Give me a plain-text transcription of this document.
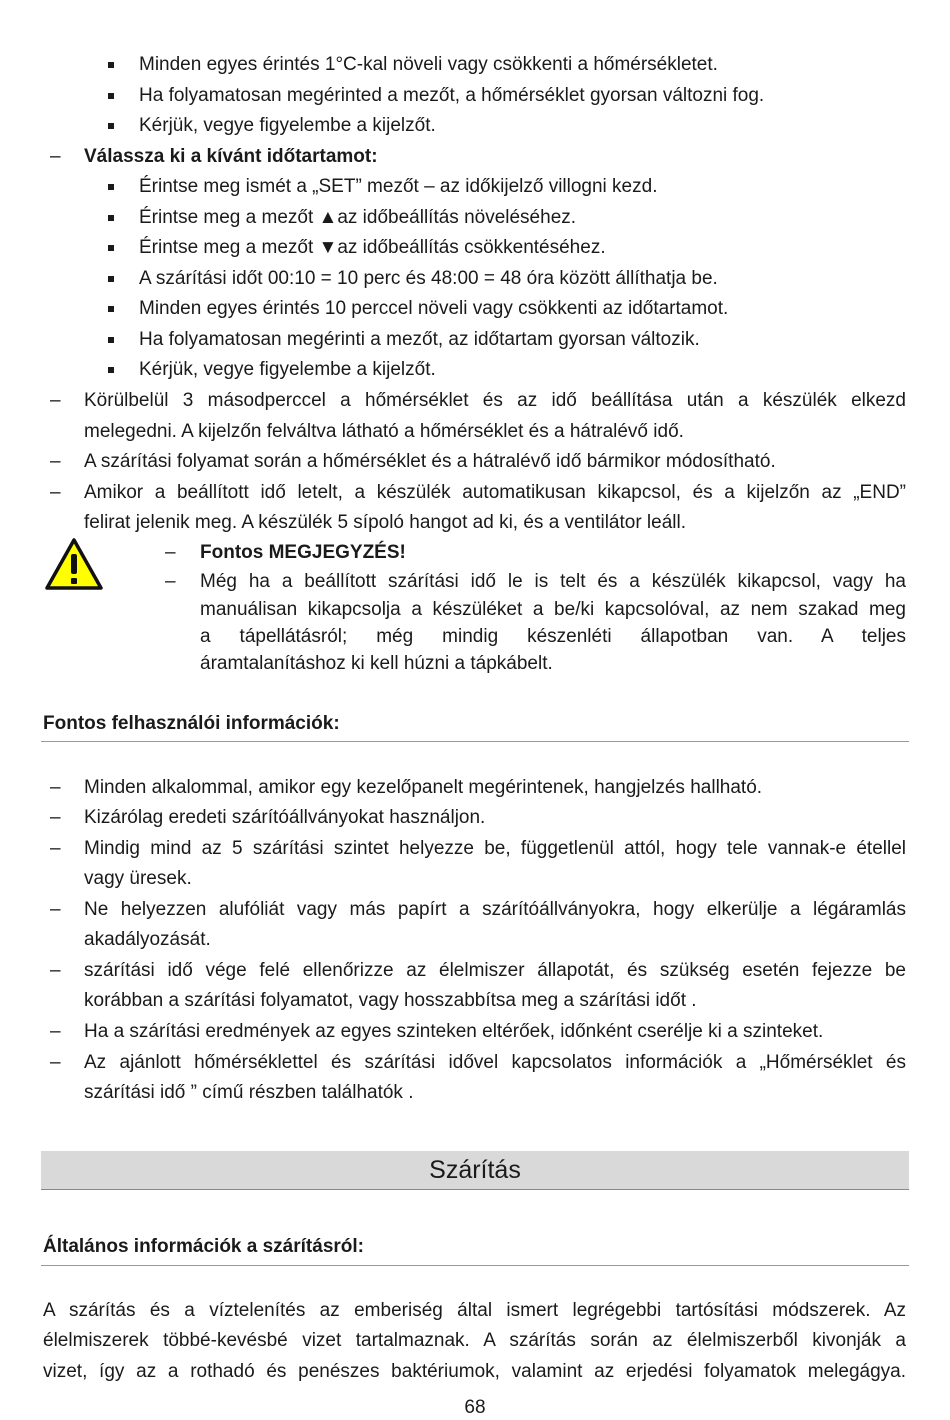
Minden egyes érintés 1°C-kal növeli vagy csökkenti a hőmérsékletet.
Ha folyamatosan megérinted a mezőt, a hőmérséklet gyorsan változni fog.
Kérjük, vegye figyelembe a kijelzőt.
– Válassza ki a kívánt időtartamot:
Érintse meg ismét a „SET” mezőt – az időkijelző villogni kezd.
Érintse meg a mezőt ▲az időbeállítás növeléséhez.
Érintse meg a mezőt ▼az időbeállítás csökkentéséhez.
A szárítási időt 00:10 = 10 perc és 48:00 = 48 óra között állíthatja be.
Minden egyes érintés 10 perccel növeli vagy csökkenti az időtartamot.
Ha folyamatosan megérinti a mezőt, az időtartam gyorsan változik.
Kérjük, vegye figyelembe a kijelzőt.
– Körülbelül 3 másodperccel a hőmérséklet és az idő beállítása után a készülék elkezd
melegedni. A kijelzőn felváltva látható a hőmérséklet és a hátralévő idő.
– A szárítási folyamat során a hőmérséklet és a hátralévő idő bármikor módosítható.
– Amikor a beállított idő letelt, a készülék automatikusan kikapcsol, és a kijelzőn az „END”
felirat jelenik meg. A készülék 5 sípoló hangot ad ki, és a ventilátor leáll.
– Fontos MEGJEGYZÉS!
– Még ha a beállított szárítási idő le is telt és a készülék kikapcsol, vagy ha
manuálisan kikapcsolja a készüléket a be/ki kapcsolóval, az nem szakad meg
a tápellátásról; még mindig készenléti állapotban van. A teljes
áramtalanításhoz ki kell húzni a tápkábelt.
Fontos felhasználói információk:
– Minden alkalommal, amikor egy kezelőpanelt megérintenek, hangjelzés hallható.
– Kizárólag eredeti szárítóállványokat használjon.
– Mindig mind az 5 szárítási szintet helyezze be, függetlenül attól, hogy tele vannak-e étellel
vagy üresek.
– Ne helyezzen alufóliát vagy más papírt a szárítóállványokra, hogy elkerülje a légáramlás
akadályozását.
– szárítási idő vége felé ellenőrizze az élelmiszer állapotát, és szükség esetén fejezze be
korábban a szárítási folyamatot, vagy hosszabbítsa meg a szárítási időt .
– Ha a szárítási eredmények az egyes szinteken eltérőek, időnként cserélje ki a szinteket.
– Az ajánlott hőmérséklettel és szárítási idővel kapcsolatos információk a „Hőmérséklet és
szárítási idő ” című részben találhatók .
Szárítás
Általános információk a szárításról:
A szárítás és a víztelenítés az emberiség által ismert legrégebbi tartósítási módszerek. Az
élelmiszerek többé-kevésbé vizet tartalmaznak. A szárítás során az élelmiszerből kivonják a
vizet, így az a rothadó és penészes baktériumok, valamint az erjedési folyamatok melegágya.
68
